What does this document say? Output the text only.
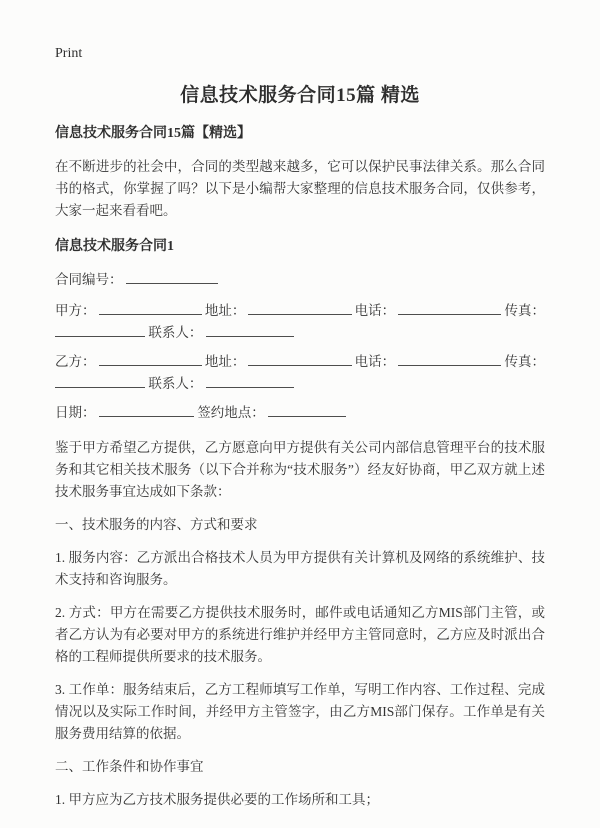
Print
信息技术服务合同15篇 精选
信息技术服务合同15篇【精选】

在不断进步的社会中，合同的类型越来越多，它可以保护民事法律关系。那么合同书的格式，你掌握了吗？以下是小编帮大家整理的信息技术服务合同，仅供参考，大家一起来看看吧。

信息技术服务合同1
合同编号：
甲方：	地址：	电话：	传真：
联系人：
乙方：	地址：	电话：	传真：
联系人：
日期：	签约地点：

鉴于甲方希望乙方提供，乙方愿意向甲方提供有关公司内部信息管理平台的技术服务和其它相关技术服务（以下合并称为“技术服务”）经友好协商，甲乙双方就上述技术服务事宜达成如下条款：

一、技术服务的内容、方式和要求

1. 服务内容：乙方派出合格技术人员为甲方提供有关计算机及网络的系统维护、技术支持和咨询服务。

2. 方式：甲方在需要乙方提供技术服务时，邮件或电话通知乙方MIS部门主管，或者乙方认为有必要对甲方的系统进行维护并经甲方主管同意时，乙方应及时派出合格的工程师提供所要求的技术服务。

3. 工作单：服务结束后，乙方工程师填写工作单，写明工作内容、工作过程、完成情况以及实际工作时间，并经甲方主管签字，由乙方MIS部门保存。工作单是有关服务费用结算的依据。

二、工作条件和协作事宜

1. 甲方应为乙方技术服务提供必要的工作场所和工具；
